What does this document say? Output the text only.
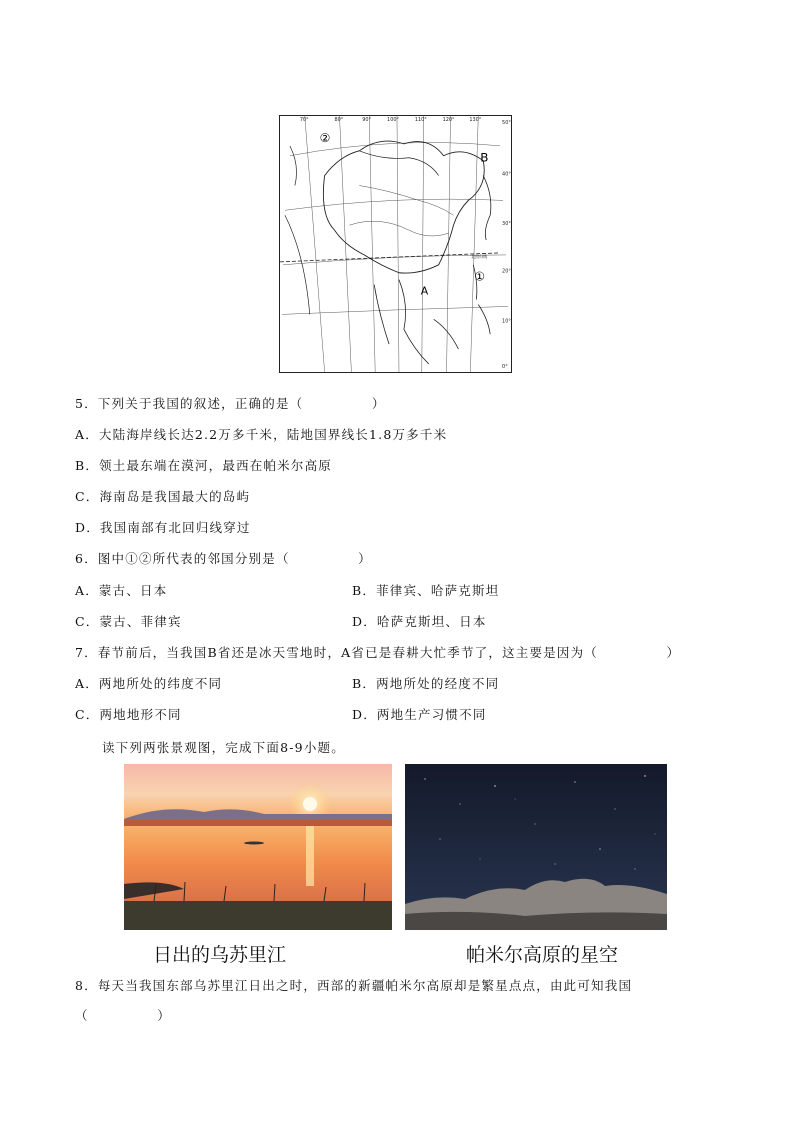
②
①
B
A
北回归线
70°	80°	90°	100°	110°	120°	130°	50°
40°
30°
20°
10°
0°
5．下列关于我国的叙述，正确的是（　　　　　）
A．大陆海岸线长达2.2万多千米，陆地国界线长1.8万多千米
B．领土最东端在漠河，最西在帕米尔高原
C．海南岛是我国最大的岛屿
D．我国南部有北回归线穿过
6．图中①②所代表的邻国分别是（　　　　　）
A．蒙古、日本	B．菲律宾、哈萨克斯坦
C．蒙古、菲律宾	D．哈萨克斯坦、日本
7．春节前后，当我国B省还是冰天雪地时，A省已是春耕大忙季节了，这主要是因为（　　　　　）
A．两地所处的纬度不同	B．两地所处的经度不同
C．两地地形不同	D．两地生产习惯不同
读下列两张景观图，完成下面8-9小题。
日出的乌苏里江	帕米尔高原的星空
8．每天当我国东部乌苏里江日出之时，西部的新疆帕米尔高原却是繁星点点，由此可知我国
（　　　　　）
